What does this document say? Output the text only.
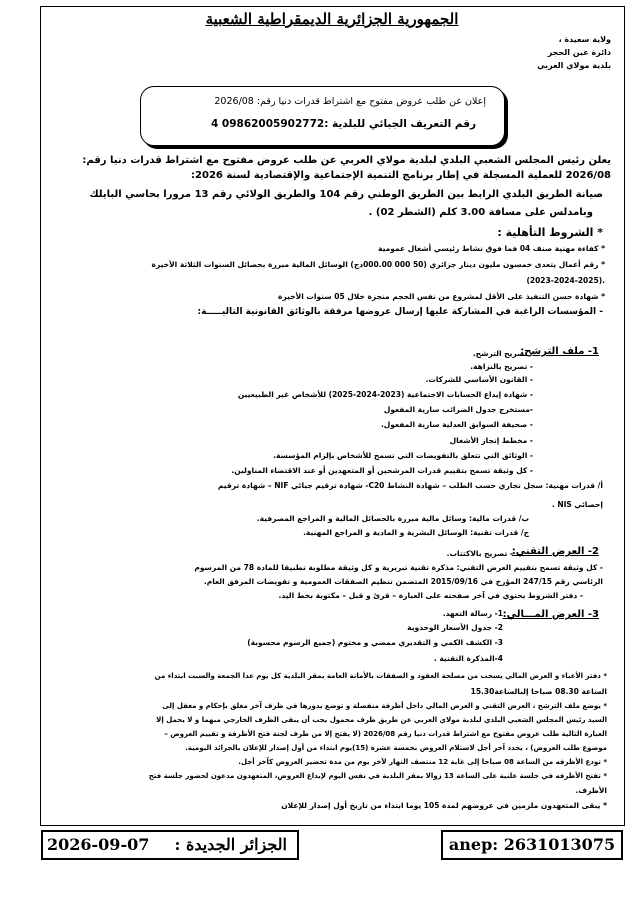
الجمهورية الجزائرية الديمقراطية الشعبية
ولاية سعيدة ،
دائرة عين الحجر
بلدية مولاي العربي
إعلان عن طلب عروض مفتوح مع اشتراط قدرات دنيا رقم: 2026/08
رقم التعريف الجبائي للبلدية :09862005902772 4
يعلن رئيس المجلس الشعبي البلدي لبلدية مولاي العربي عن طلب عروض مفتوح مع اشتراط قدرات دنيا رقم:
2026/08 للعملية المسجلة في إطار برنامج التنمية الإجتماعية والإقتصادية لسنة 2026:
صيانة الطريق البلدي الرابط بين الطريق الوطني رقم 104 والطريق الولائي رقم 13 مرورا بحاسي البايلك
وبامدلس على مسافة 3.00 كلم (الشطر 02) .
* الشروط التأهلية :
* كفاءة مهنية صنف 04 فما فوق نشاط رئيسي أشغال عمومية
* رقم أعمال يتعدى خمسون مليون دينار جزائري (50 000 000.00دج) الوسائل المالية مبررة بحصائل السنوات الثلاثة الأخيرة
(2023-2024-2025).
* شهادة حسن التنفيذ على الأقل لمشروع من نفس الحجم منجزة خلال 05 سنوات الأخيرة
- المؤسسات الراغبة في المشاركة عليها إرسال عروضها مرفقة بالوثائق القانونية التاليـــــة:
1- ملف الترشح:
- تصريح الترشح.
- تصريح بالنزاهة.
- القانون الأساسي للشركات.
- شهادة إيداع الحسابات الاجتماعية (2023-2024-2025) للأشخاص غير الطبيعيين
-مستخرج جدول الضرائب سارية المفعول
- صحيفة السوابق العدلية سارية المفعول.
- مخطط إنجاز الأشغال
- الوثائق التي تتعلق بالتفويضات التي تسمح للأشخاص بإلزام المؤسسة.
- كل وثيقة تسمح بتقييم قدرات المرشحين أو المتعهدين أو عند الاقتضاء المناولين.
أ/ قدرات مهنية: سجل تجاري حسب الطلب – شهادة النشاط C20- شهادة ترقيم جبائي NIF – شهادة ترقيم
إحصائي NIS .
ب/ قدرات مالية: وسائل مالية مبررة بالحصائل المالية و المراجع المصرفية.
ج/ قدرات تقنية: الوسائل البشرية و المادية و المراجع المهنية.
2- العرض التقني:
- تصريح بالاكتتاب.
- كل وثيقة تسمح بتقييم العرض التقني: مذكرة تقنية تبريرية و كل وثيقة مطلوبة تطبيقا للمادة 78 من المرسوم
الرئاسي رقم 247/15 المؤرخ في 2015/09/16 المتضمن تنظيم الصفقات العمومية و تفويضات المرفق العام.
- دفتر الشروط يحتوي في آخر صفحته على العبارة – قرئ و قبل – مكتوبة بخط اليد.
3- العرض المـــالي:
1- رسالة التعهد.
2- جدول الأسعار الوحدوية
3- الكشف الكمي و التقديري ممضي و مختوم (جميع الرسوم محسوبة)
4-المذكرة التقنية .
* دفتر الأعباء و العرض المالي يسحب من مصلحة العقود و الصفقات بالأمانة العامة بمقر البلدية كل يوم عدا الجمعة والسبت ابتداء من
الساعة 08.30 صباحا إلىالساعة15.30
* يوضع ملف الترشح ، العرض التقني و العرض المالي داخل أظرفة منفصلة و توضع بدورها في ظرف آخر مغلق بإحكام و مغفل إلى
السيد رئيس المجلس الشعبي البلدي لبلدية مولاي العربي عن طريق ظرف محمول يجب أن يبقى الظرف الخارجي مبهما و لا يحمل إلا
العبارة التالية طلب عروض مفتوح مع اشتراط قدرات دنيا رقم 2026/08 (لا يفتح إلا من طرف لجنة فتح الأظرفة و تقييم العروض –
موضوع طلب العروض) ، يحدد آخر أجل لاستلام العروض بخمسة عشرة (15)يوم ابتداء من أول إصدار للإعلان بالجرائد اليومية.
* تودع الأظرفه من الساعة 08 صباحا إلى غاية 12 منتصف النهار لآخر يوم من مدة تحضير العروض كآخر أجل.
* تفتح الأظرفه في جلسة علنية على الساعة 13 زوالا بمقر البلدية في نفس اليوم لإيداع العروض، المتعهدون مدعون لحضور جلسة فتح
الأظرف.
* يبقى المتعهدون ملزمين في عروضهم لمدة 105 يوما ابتداء من تاريخ أول إصدار للإعلان
الجزائر الجديدة :
2026-09-07	anep: 2631013075
